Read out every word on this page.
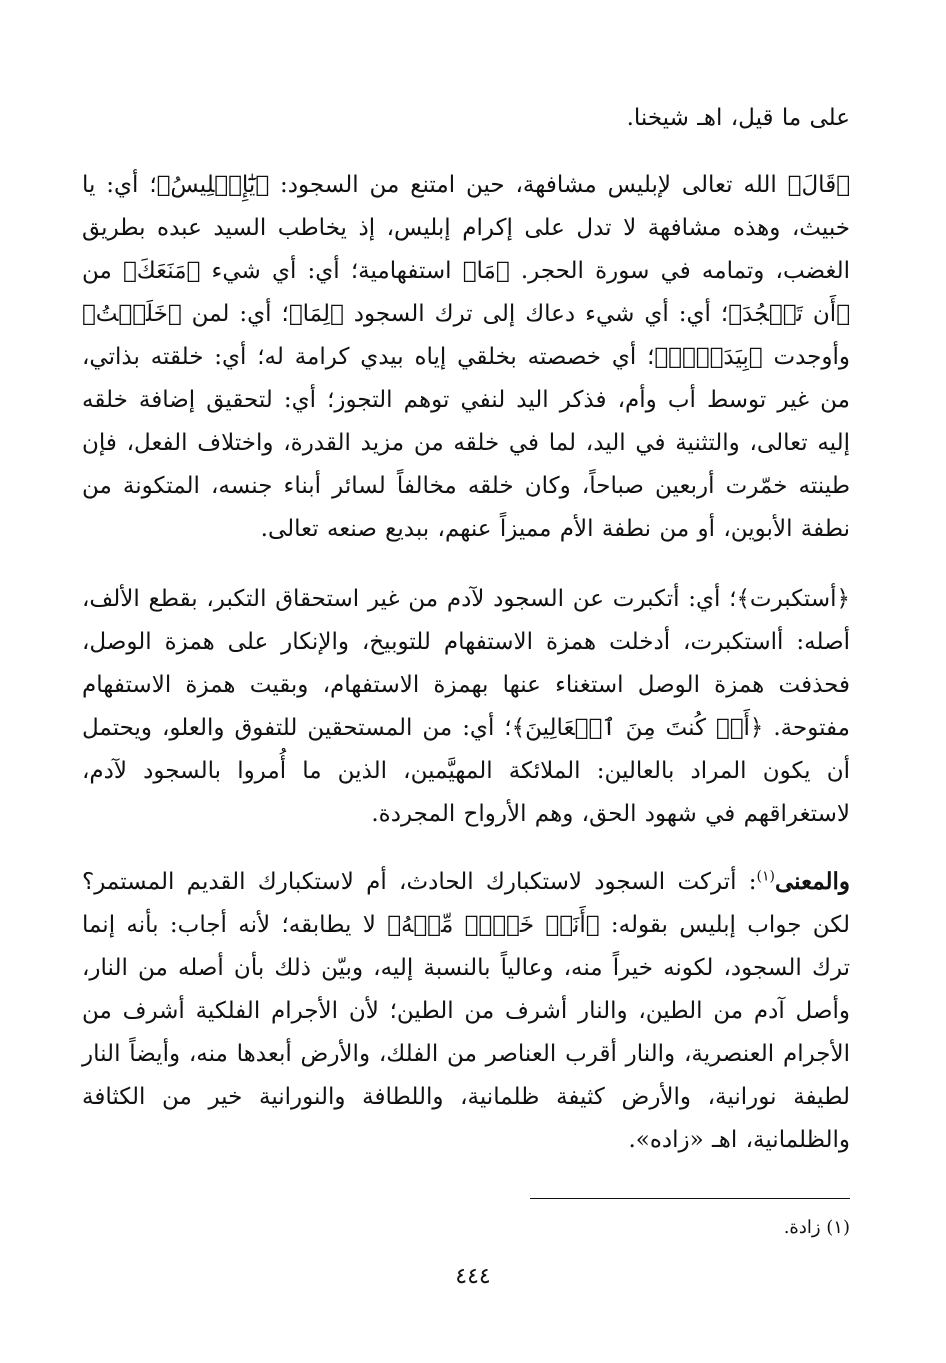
على ما قيل، اهـ شيخنا.

﴿قَالَ﴾ الله تعالى لإبليس مشافهة، حين امتنع من السجود: ﴿يَٰٓإِبۡلِيسُ﴾؛ أي: يا خبيث، وهذه مشافهة لا تدل على إكرام إبليس، إذ يخاطب السيد عبده بطريق الغضب، وتمامه في سورة الحجر. ﴿مَا﴾ استفهامية؛ أي: أي شيء ﴿مَنَعَكَ﴾ من ﴿أَن تَسۡجُدَ﴾؛ أي: أي شيء دعاك إلى ترك السجود ﴿لِمَا﴾؛ أي: لمن ﴿خَلَقۡتُ﴾ وأوجدت ﴿بِيَدَيَّۖ﴾؛ أي خصصته بخلقي إياه بيدي كرامة له؛ أي: خلقته بذاتي، من غير توسط أب وأم، فذكر اليد لنفي توهم التجوز؛ أي: لتحقيق إضافة خلقه إليه تعالى، والتثنية في اليد، لما في خلقه من مزيد القدرة، واختلاف الفعل، فإن طينته خمّرت أربعين صباحاً، وكان خلقه مخالفاً لسائر أبناء جنسه، المتكونة من نطفة الأبوين، أو من نطفة الأم مميزاً عنهم، ببديع صنعه تعالى.

﴿أستكبرت﴾؛ أي: أتكبرت عن السجود لآدم من غير استحقاق التكبر، بقطع الألف، أصله: أاستكبرت، أدخلت همزة الاستفهام للتوبيخ، والإنكار على همزة الوصل، فحذفت همزة الوصل استغناء عنها بهمزة الاستفهام، وبقيت همزة الاستفهام مفتوحة. ﴿أَمۡ كُنتَ مِنَ ٱلۡعَالِينَ﴾؛ أي: من المستحقين للتفوق والعلو، ويحتمل أن يكون المراد بالعالين: الملائكة المهيَّمين، الذين ما أُمروا بالسجود لآدم، لاستغراقهم في شهود الحق، وهم الأرواح المجردة.

والمعنى$^{(١)}$: أتركت السجود لاستكبارك الحادث، أم لاستكبارك القديم المستمر؟ لكن جواب إبليس بقوله: ﴿أَنَا۠ خَيۡرٞ مِّنۡهُ﴾ لا يطابقه؛ لأنه أجاب: بأنه إنما ترك السجود، لكونه خيراً منه، وعالياً بالنسبة إليه، وبيّن ذلك بأن أصله من النار، وأصل آدم من الطين، والنار أشرف من الطين؛ لأن الأجرام الفلكية أشرف من الأجرام العنصرية، والنار أقرب العناصر من الفلك، والأرض أبعدها منه، وأيضاً النار لطيفة نورانية، والأرض كثيفة ظلمانية، واللطافة والنورانية خير من الكثافة والظلمانية، اهـ «زاده».

(١) زادة.

٤٤٤
